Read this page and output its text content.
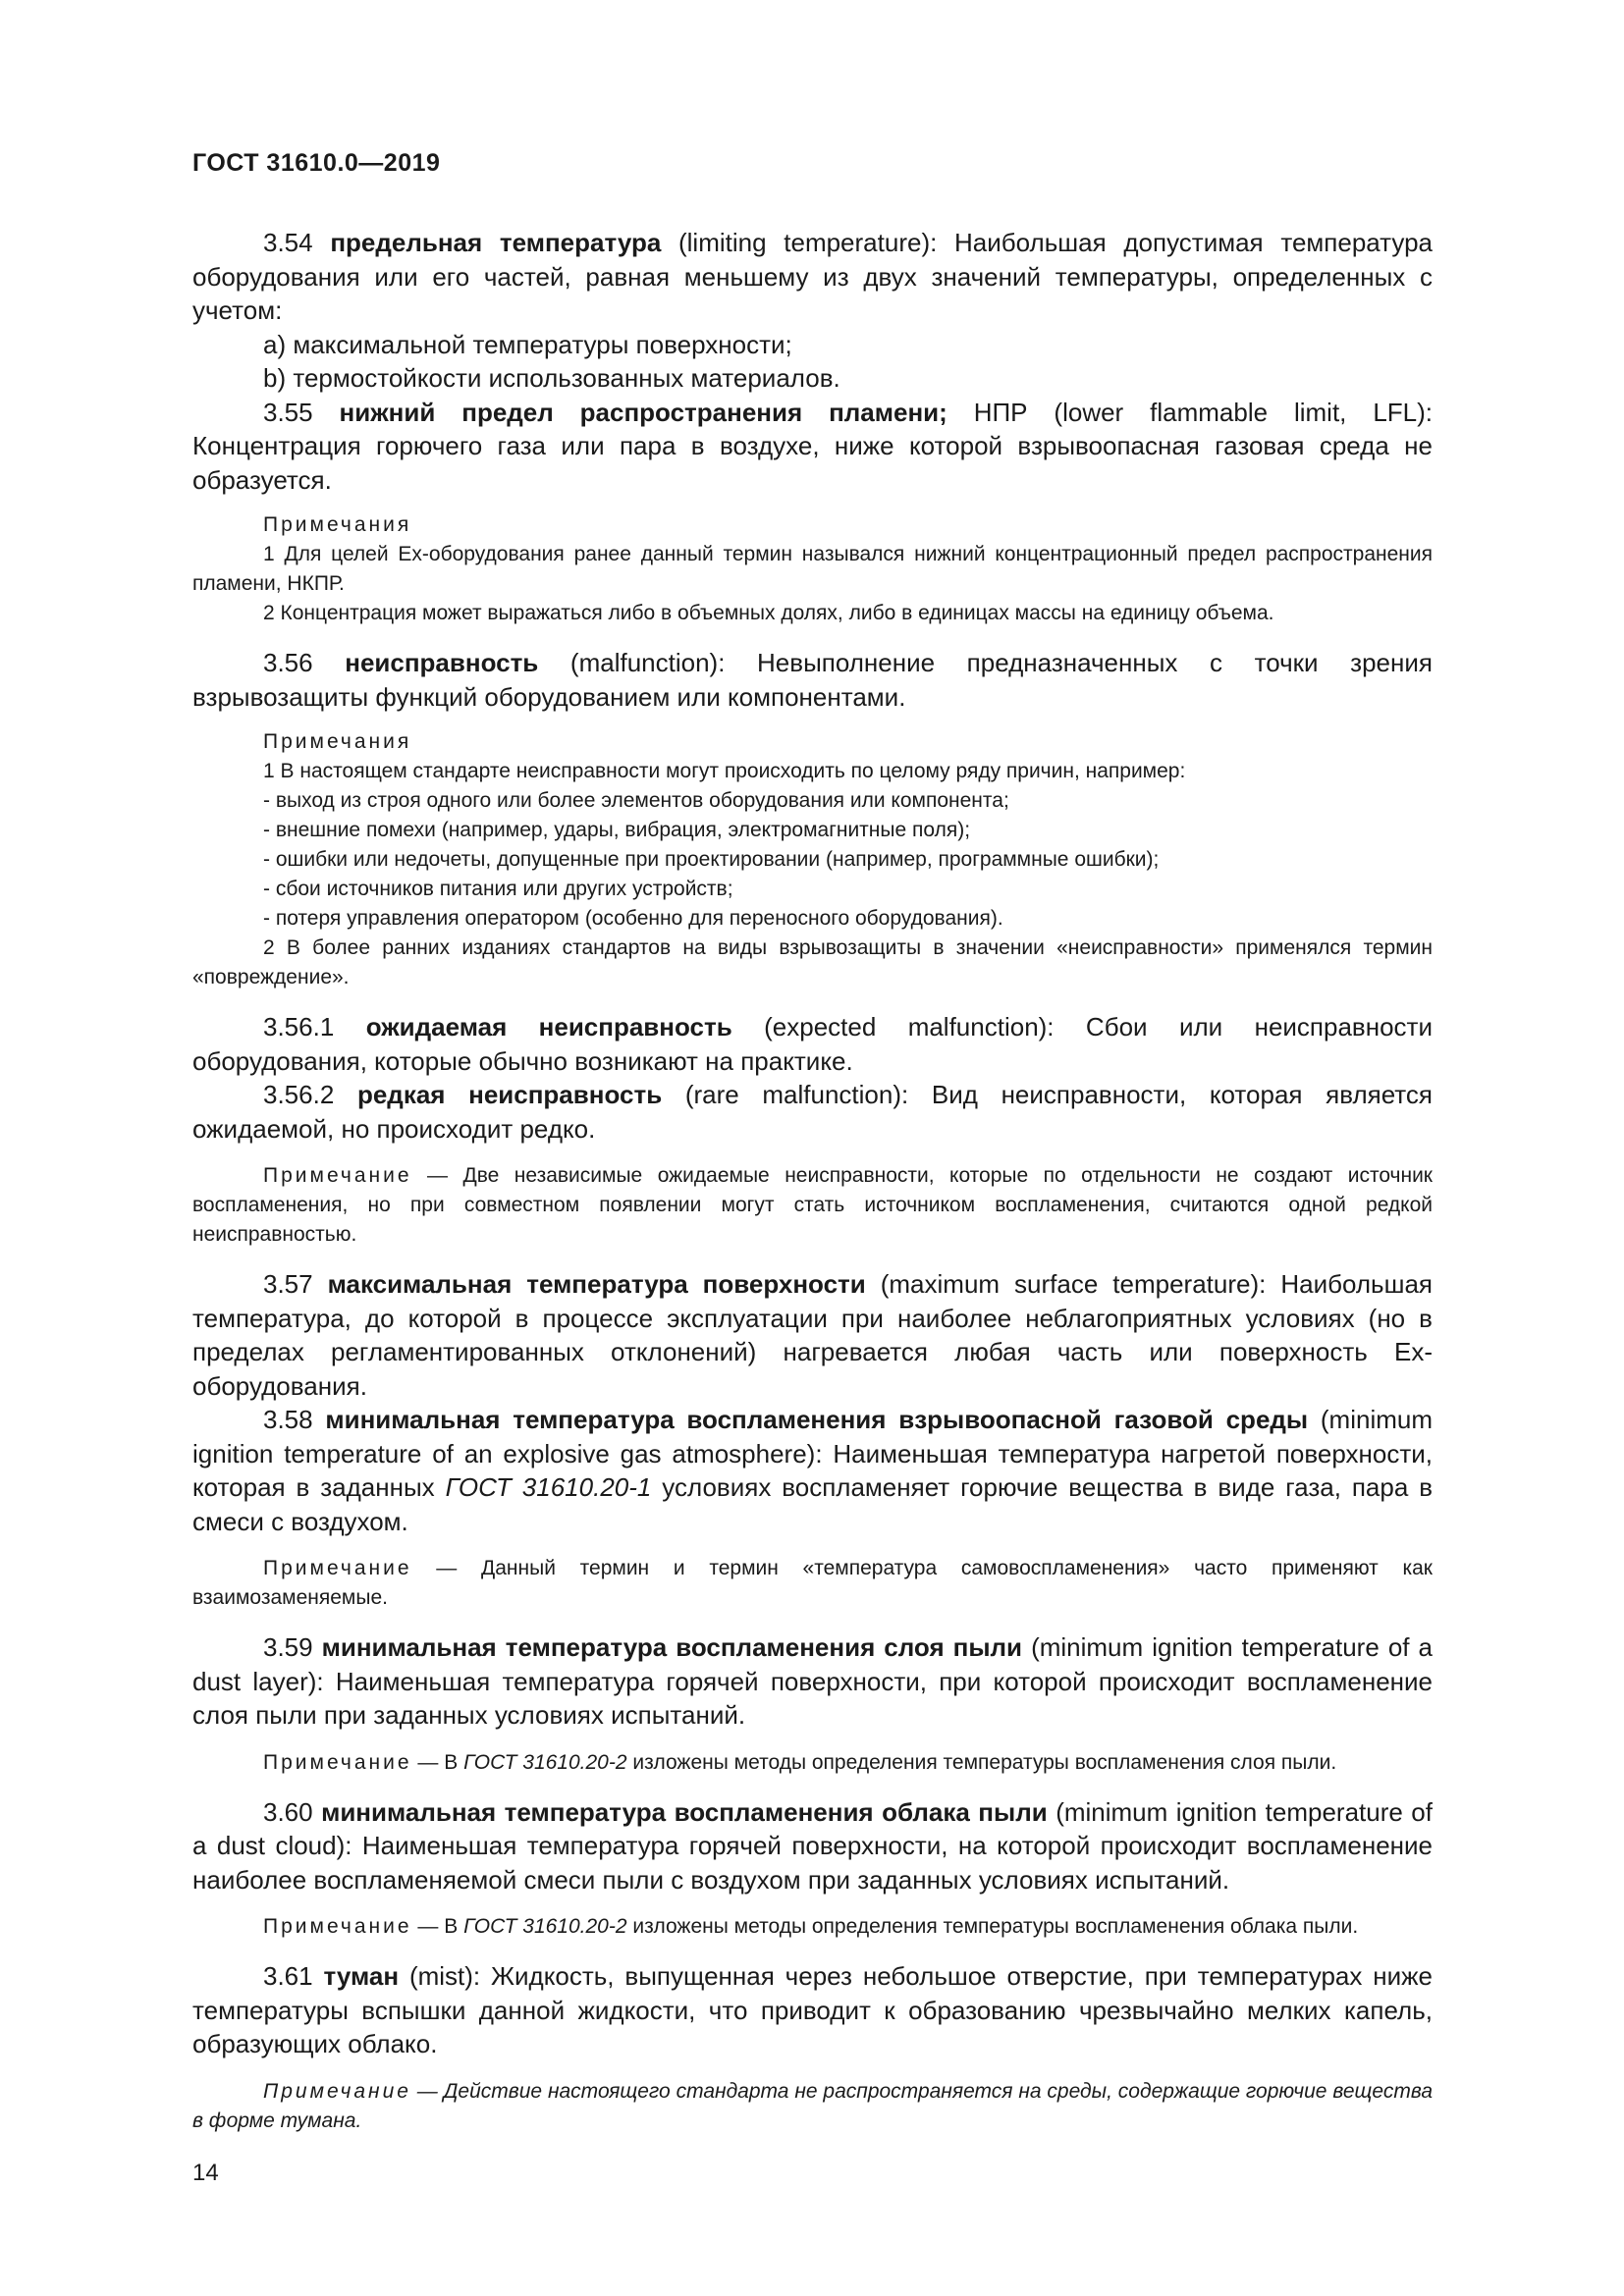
ГОСТ 31610.0—2019

3.54 предельная температура (limiting temperature): Наибольшая допустимая температура оборудования или его частей, равная меньшему из двух значений температуры, определенных с учетом:

a) максимальной температуры поверхности;

b) термостойкости использованных материалов.

3.55 нижний предел распространения пламени; НПР (lower flammable limit, LFL): Концентрация горючего газа или пара в воздухе, ниже которой взрывоопасная газовая среда не образуется.

Примечания

1 Для целей Ex-оборудования ранее данный термин назывался нижний концентрационный предел распространения пламени, НКПР.

2 Концентрация может выражаться либо в объемных долях, либо в единицах массы на единицу объема.

3.56 неисправность (malfunction): Невыполнение предназначенных с точки зрения взрывозащиты функций оборудованием или компонентами.

Примечания

1 В настоящем стандарте неисправности могут происходить по целому ряду причин, например:

- выход из строя одного или более элементов оборудования или компонента;

- внешние помехи (например, удары, вибрация, электромагнитные поля);

- ошибки или недочеты, допущенные при проектировании (например, программные ошибки);

- сбои источников питания или других устройств;

- потеря управления оператором (особенно для переносного оборудования).

2 В более ранних изданиях стандартов на виды взрывозащиты в значении «неисправности» применялся термин «повреждение».

3.56.1 ожидаемая неисправность (expected malfunction): Сбои или неисправности оборудования, которые обычно возникают на практике.

3.56.2 редкая неисправность (rare malfunction): Вид неисправности, которая является ожидаемой, но происходит редко.

Примечание — Две независимые ожидаемые неисправности, которые по отдельности не создают источник воспламенения, но при совместном появлении могут стать источником воспламенения, считаются одной редкой неисправностью.

3.57 максимальная температура поверхности (maximum surface temperature): Наибольшая температура, до которой в процессе эксплуатации при наиболее неблагоприятных условиях (но в пределах регламентированных отклонений) нагревается любая часть или поверхность Ex-оборудования.

3.58 минимальная температура воспламенения взрывоопасной газовой среды (minimum ignition temperature of an explosive gas atmosphere): Наименьшая температура нагретой поверхности, которая в заданных ГОСТ 31610.20-1 условиях воспламеняет горючие вещества в виде газа, пара в смеси с воздухом.

Примечание — Данный термин и термин «температура самовоспламенения» часто применяют как взаимозаменяемые.

3.59 минимальная температура воспламенения слоя пыли (minimum ignition temperature of a dust layer): Наименьшая температура горячей поверхности, при которой происходит воспламенение слоя пыли при заданных условиях испытаний.

Примечание — В ГОСТ 31610.20-2 изложены методы определения температуры воспламенения слоя пыли.

3.60 минимальная температура воспламенения облака пыли (minimum ignition temperature of a dust cloud): Наименьшая температура горячей поверхности, на которой происходит воспламенение наиболее воспламеняемой смеси пыли с воздухом при заданных условиях испытаний.

Примечание — В ГОСТ 31610.20-2 изложены методы определения температуры воспламенения облака пыли.

3.61 туман (mist): Жидкость, выпущенная через небольшое отверстие, при температурах ниже температуры вспышки данной жидкости, что приводит к образованию чрезвычайно мелких капель, образующих облако.

Примечание — Действие настоящего стандарта не распространяется на среды, содержащие горючие вещества в форме тумана.

14
